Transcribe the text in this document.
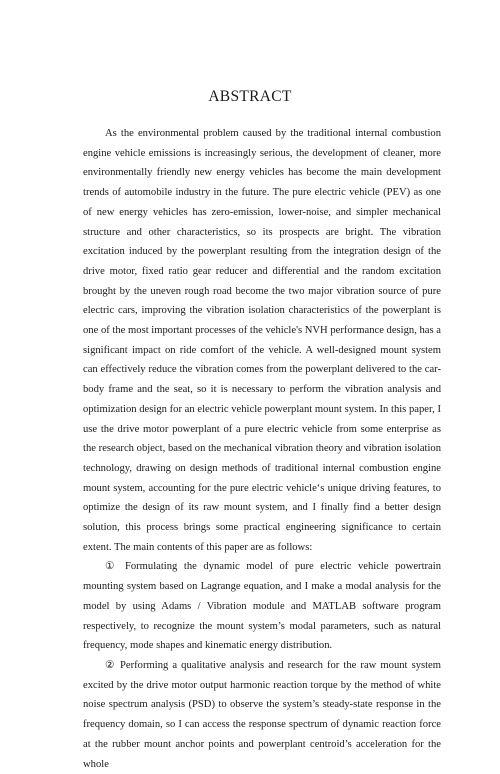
ABSTRACT

As the environmental problem caused by the traditional internal combustion engine vehicle emissions is increasingly serious, the development of cleaner, more environmentally friendly new energy vehicles has become the main development trends of automobile industry in the future. The pure electric vehicle (PEV) as one of new energy vehicles has zero-emission, lower-noise, and simpler mechanical structure and other characteristics, so its prospects are bright. The vibration excitation induced by the powerplant resulting from the integration design of the drive motor, fixed ratio gear reducer and differential and the random excitation brought by the uneven rough road become the two major vibration source of pure electric cars, improving the vibration isolation characteristics of the powerplant is one of the most important processes of the vehicle's NVH performance design, has a significant impact on ride comfort of the vehicle. A well-designed mount system can effectively reduce the vibration comes from the powerplant delivered to the car-body frame and the seat, so it is necessary to perform the vibration analysis and optimization design for an electric vehicle powerplant mount system. In this paper, I use the drive motor powerplant of a pure electric vehicle from some enterprise as the research object, based on the mechanical vibration theory and vibration isolation technology, drawing on design methods of traditional internal combustion engine mount system, accounting for the pure electric vehicle‘s unique driving features, to optimize the design of its raw mount system, and I finally find a better design solution, this process brings some practical engineering significance to certain extent. The main contents of this paper are as follows:

① Formulating the dynamic model of pure electric vehicle powertrain mounting system based on Lagrange equation, and I make a modal analysis for the model by using Adams / Vibration module and MATLAB software program respectively, to recognize the mount system’s modal parameters, such as natural frequency, mode shapes and kinematic energy distribution.

② Performing a qualitative analysis and research for the raw mount system excited by the drive motor output harmonic reaction torque by the method of white noise spectrum analysis (PSD) to observe the system’s steady-state response in the frequency domain, so I can access the response spectrum of dynamic reaction force at the rubber mount anchor points and powerplant centroid’s acceleration for the whole
